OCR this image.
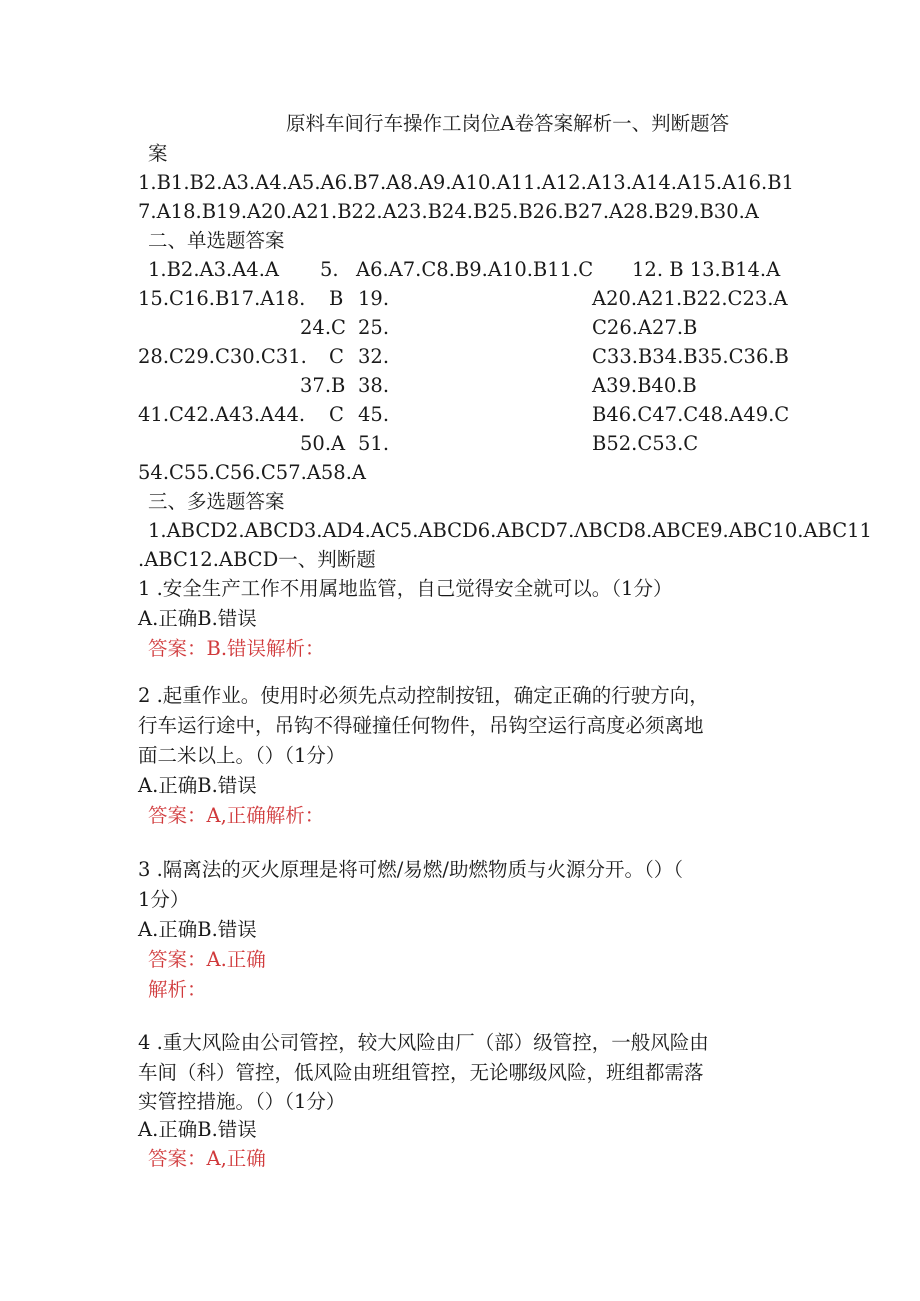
原料车间行车操作工岗位A卷答案解析一、判断题答
案
1.B1.B2.A3.A4.A5.A6.B7.A8.A9.A10.A11.A12.A13.A14.A15.A16.B1
7.A18.B19.A20.A21.B22.A23.B24.B25.B26.B27.A28.B29.B30.A
二、单选题答案
1.B2.A3.A4.A 5. A6.A7.C8.B9.A10.B11.C 12. B 13.B14.A
15.C16.B17.A18. B 19.	A20.A21.B22.C23.A
24.C 25.	C26.A27.B
28.C29.C30.C31. C 32.	C33.B34.B35.C36.B
37.B 38.	A39.B40.B
41.C42.A43.A44. C 45.	B46.C47.C48.A49.C
50.A 51.	B52.C53.C
54.C55.C56.C57.A58.A
三、多选题答案
1.ABCD2.ABCD3.AD4.AC5.ABCD6.ABCD7.ΛBCD8.ABCE9.ABC10.ABC11
.ABC12.ABCD一、判断题
1 .安全生产工作不用属地监管，自己觉得安全就可以。（1分）
A.正确B.错误
答案：B.错误解析：
2 .起重作业。使用时必须先点动控制按钮，确定正确的行驶方向，
行车运行途中，吊钩不得碰撞任何物件，吊钩空运行高度必须离地
面二米以上。（）（1分）
A.正确B.错误
答案：A,正确解析：
3 .隔离法的灭火原理是将可燃/易燃/助燃物质与火源分开。（）（
1分）
A.正确B.错误
答案：A.正确
解析：
4 .重大风险由公司管控，较大风险由厂（部）级管控，一般风险由
车间（科）管控，低风险由班组管控，无论哪级风险，班组都需落
实管控措施。（）（1分）
A.正确B.错误
答案：A,正确
